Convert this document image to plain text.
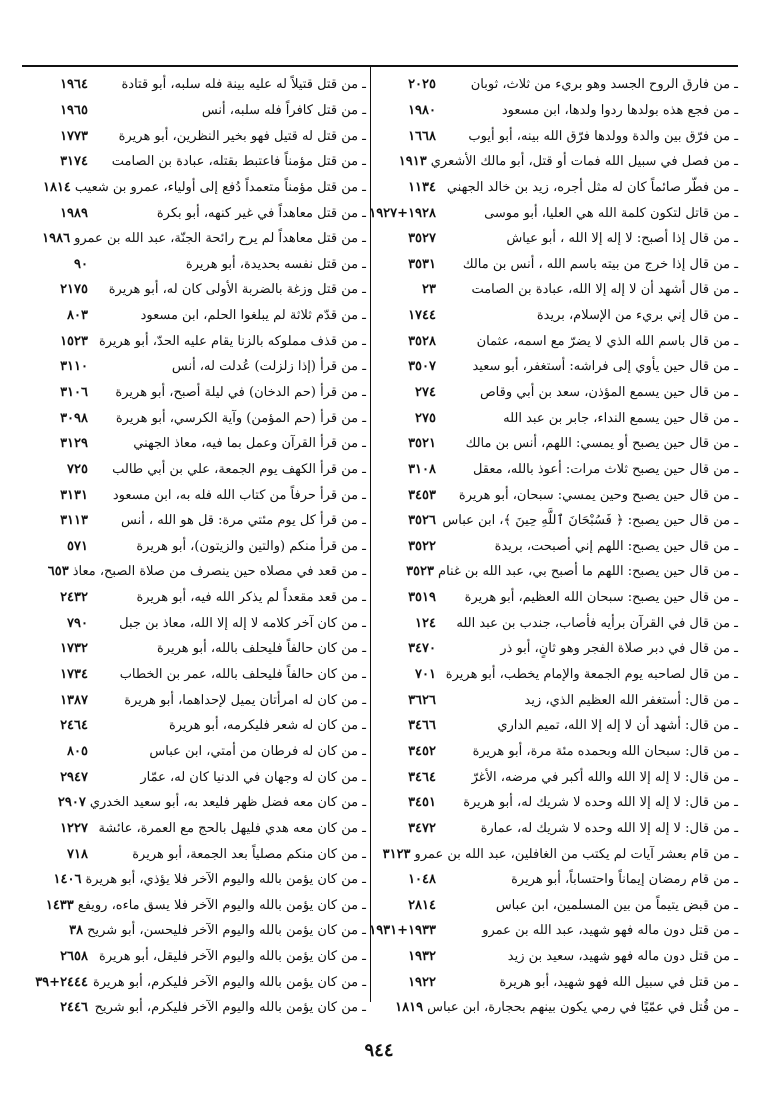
ـ من فارق الروح الجسد وهو بريء من ثلاث، ثوبان
٢٠٢٥
ـ من فجع هذه بولدها ردوا ولدها، ابن مسعود
١٩٨٠
ـ من فرّق بين والدة وولدها فرّق الله بينه، أبو أيوب
١٦٦٨
ـ من فصل في سبيل الله فمات أو قتل، أبو مالك الأشعري
١٩١٣
ـ من فطّر صائماً كان له مثل أجره، زيد بن خالد الجهني
١١٣٤
ـ من قاتل لتكون كلمة الله هي العليا، أبو موسى
١٩٢٨+١٩٢٧
ـ من قال إذا أصبح: لا إله إلا الله ، أبو عياش
٣٥٢٧
ـ من قال إذا خرج من بيته باسم الله ، أنس بن مالك
٣٥٣١
ـ من قال أشهد أن لا إله إلا الله، عبادة بن الصامت
٢٣
ـ من قال إني بريء من الإسلام، بريدة
١٧٤٤
ـ من قال باسم الله الذي لا يضرّ مع اسمه، عثمان
٣٥٢٨
ـ من قال حين يأوي إلى فراشه: أستغفر، أبو سعيد
٣٥٠٧
ـ من قال حين يسمع المؤذن، سعد بن أبي وقاص
٢٧٤
ـ من قال حين يسمع النداء، جابر بن عبد الله
٢٧٥
ـ من قال حين يصبح أو يمسي: اللهم، أنس بن مالك
٣٥٢١
ـ من قال حين يصبح ثلاث مرات: أعوذ بالله، معقل
٣١٠٨
ـ من قال حين يصبح وحين يمسي: سبحان، أبو هريرة
٣٤٥٣
ـ من قال حين يصبح: ﴿ فَسُبْحَانَ ٱللَّهِ حِينَ ﴾، ابن عباس
٣٥٢٦
ـ من قال حين يصبح: اللهم إني أصبحت، بريدة
٣٥٢٢
ـ من قال حين يصبح: اللهم ما أصبح بي، عبد الله بن غنام
٣٥٢٣
ـ من قال حين يصبح: سبحان الله العظيم، أبو هريرة
٣٥١٩
ـ من قال في القرآن برأيه فأصاب، جندب بن عبد الله
١٢٤
ـ من قال في دبر صلاة الفجر وهو ثانٍ، أبو ذر
٣٤٧٠
ـ من قال لصاحبه يوم الجمعة والإمام يخطب، أبو هريرة
٧٠١
ـ من قال: أستغفر الله العظيم الذي، زيد
٣٦٢٦
ـ من قال: أشهد أن لا إله إلا الله، تميم الداري
٣٤٦٦
ـ من قال: سبحان الله وبحمده مئة مرة، أبو هريرة
٣٤٥٢
ـ من قال: لا إله إلا الله والله أكبر في مرضه، الأغرّ
٣٤٦٤
ـ من قال: لا إله إلا الله وحده لا شريك له، أبو هريرة
٣٤٥١
ـ من قال: لا إله إلا الله وحده لا شريك له، عمارة
٣٤٧٢
ـ من قام بعشر آيات لم يكتب من الغافلين، عبد الله بن عمرو
٣١٢٣
ـ من قام رمضان إيماناً واحتساباً، أبو هريرة
١٠٤٨
ـ من قبض يتيماً من بين المسلمين، ابن عباس
٢٨١٤
ـ من قتل دون ماله فهو شهيد، عبد الله بن عمرو
١٩٣٣+١٩٣١
ـ من قتل دون ماله فهو شهيد، سعيد بن زيد
١٩٣٢
ـ من قتل في سبيل الله فهو شهيد، أبو هريرة
١٩٢٢
ـ من قُتل في عمّيًا في رمي يكون بينهم بحجارة، ابن عباس
١٨١٩
ـ من قتل قتيلاً له عليه بينة فله سلبه، أبو قتادة
١٩٦٤
ـ من قتل كافراً فله سلبه، أنس
١٩٦٥
ـ من قتل له قتيل فهو بخير النظرين، أبو هريرة
١٧٧٣
ـ من قتل مؤمناً فاعتبط بقتله، عبادة بن الصامت
٣١٧٤
ـ من قتل مؤمناً متعمداً دُفع إلى أولياء، عمرو بن شعيب
١٨١٤
ـ من قتل معاهداً في غير كنهه، أبو بكرة
١٩٨٩
ـ من قتل معاهداً لم يرح رائحة الجنّة، عبد الله بن عمرو
١٩٨٦
ـ من قتل نفسه بحديدة، أبو هريرة
٩٠
ـ من قتل وزغة بالضربة الأولى كان له، أبو هريرة
٢١٧٥
ـ من قدّم ثلاثة لم يبلغوا الحلم، ابن مسعود
٨٠٣
ـ من قذف مملوكه بالزنا يقام عليه الحدّ، أبو هريرة
١٥٢٣
ـ من قرأ (إذا زلزلت) عُدلت له، أنس
٣١١٠
ـ من قرأ (حم الدخان) في ليلة أصبح، أبو هريرة
٣١٠٦
ـ من قرأ (حم المؤمن) وآية الكرسي، أبو هريرة
٣٠٩٨
ـ من قرأ القرآن وعمل بما فيه، معاذ الجهني
٣١٢٩
ـ من قرأ الكهف يوم الجمعة، علي بن أبي طالب
٧٢٥
ـ من قرأ حرفاً من كتاب الله فله به، ابن مسعود
٣١٣١
ـ من قرأ كل يوم مئتي مرة: قل هو الله ، أنس
٣١١٣
ـ من قرأ منكم (والتين والزيتون)، أبو هريرة
٥٧١
ـ من قعد في مصلاه حين ينصرف من صلاة الصبح، معاذ
٦٥٣
ـ من قعد مقعداً لم يذكر الله فيه، أبو هريرة
٢٤٣٢
ـ من كان آخر كلامه لا إله إلا الله، معاذ بن جبل
٧٩٠
ـ من كان حالفاً فليحلف بالله، أبو هريرة
١٧٣٢
ـ من كان حالفاً فليحلف بالله، عمر بن الخطاب
١٧٣٤
ـ من كان له امرأتان يميل لإحداهما، أبو هريرة
١٣٨٧
ـ من كان له شعر فليكرمه، أبو هريرة
٢٤٦٤
ـ من كان له فرطان من أمتي، ابن عباس
٨٠٥
ـ من كان له وجهان في الدنيا كان له، عمّار
٢٩٤٧
ـ من كان معه فضل ظهر فليعد به، أبو سعيد الخدري
٢٩٠٧
ـ من كان معه هدي فليهل بالحج مع العمرة، عائشة
١٢٢٧
ـ من كان منكم مصلياً بعد الجمعة، أبو هريرة
٧١٨
ـ من كان يؤمن بالله واليوم الآخر فلا يؤذي، أبو هريرة
١٤٠٦
ـ من كان يؤمن بالله واليوم الآخر فلا يسق ماءه، رويفع
١٤٣٣
ـ من كان يؤمن بالله واليوم الآخر فليحسن، أبو شريح
٣٨
ـ من كان يؤمن بالله واليوم الآخر فليقل، أبو هريرة
٢٦٥٨
ـ من كان يؤمن بالله واليوم الآخر فليكرم، أبو هريرة
٢٤٤٤+٣٩
ـ من كان يؤمن بالله واليوم الآخر فليكرم، أبو شريح
٢٤٤٦
٩٤٤
